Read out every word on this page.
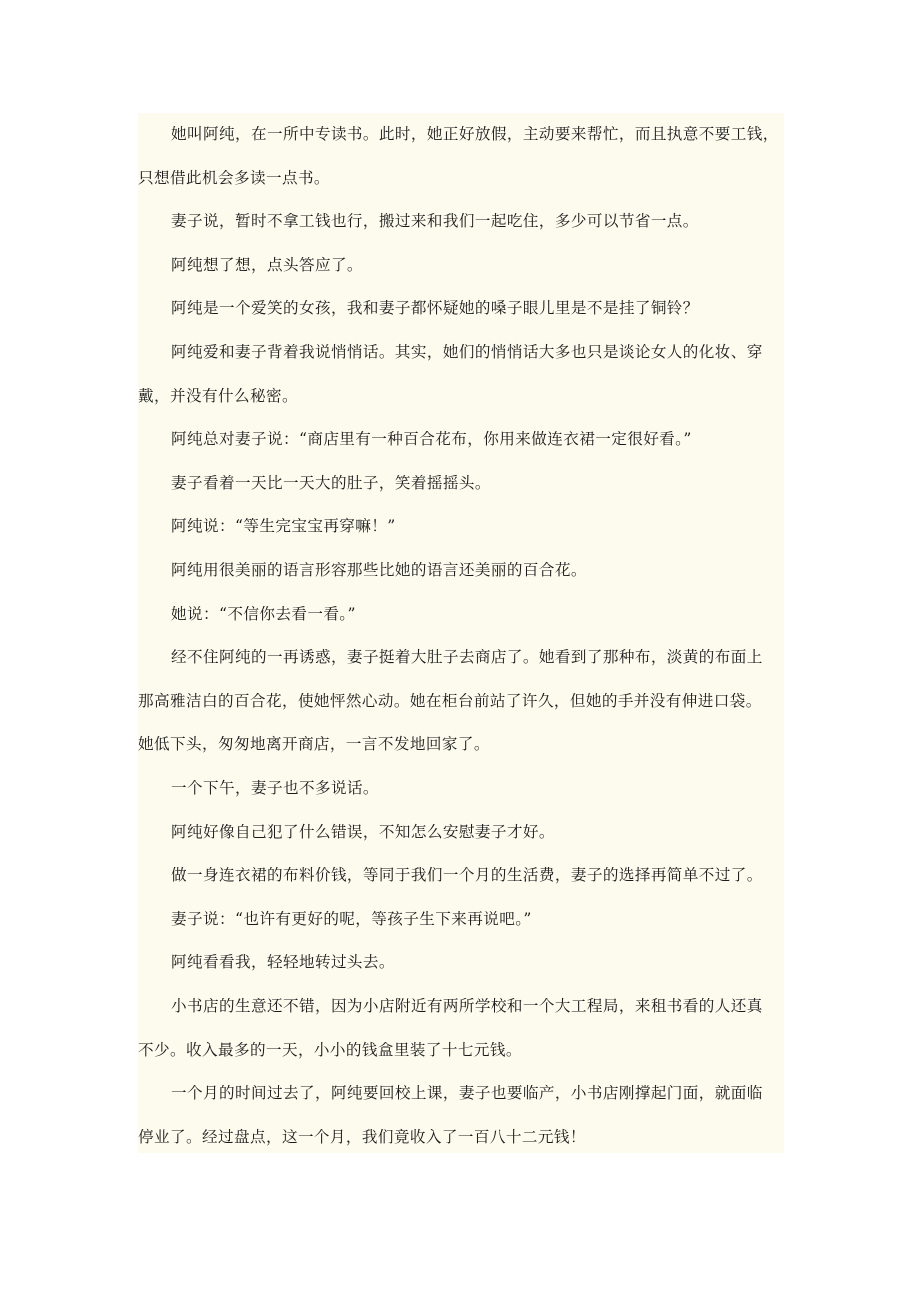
她叫阿纯，在一所中专读书。此时，她正好放假，主动要来帮忙，而且执意不要工钱，
只想借此机会多读一点书。

妻子说，暂时不拿工钱也行，搬过来和我们一起吃住，多少可以节省一点。

阿纯想了想，点头答应了。

阿纯是一个爱笑的女孩，我和妻子都怀疑她的嗓子眼儿里是不是挂了铜铃？

阿纯爱和妻子背着我说悄悄话。其实，她们的悄悄话大多也只是谈论女人的化妆、穿
戴，并没有什么秘密。

阿纯总对妻子说：“商店里有一种百合花布，你用来做连衣裙一定很好看。”

妻子看着一天比一天大的肚子，笑着摇摇头。

阿纯说：“等生完宝宝再穿嘛！”

阿纯用很美丽的语言形容那些比她的语言还美丽的百合花。

她说：“不信你去看一看。”

经不住阿纯的一再诱惑，妻子挺着大肚子去商店了。她看到了那种布，淡黄的布面上
那高雅洁白的百合花，使她怦然心动。她在柜台前站了许久，但她的手并没有伸进口袋。
她低下头，匆匆地离开商店，一言不发地回家了。

一个下午，妻子也不多说话。

阿纯好像自己犯了什么错误，不知怎么安慰妻子才好。

做一身连衣裙的布料价钱，等同于我们一个月的生活费，妻子的选择再简单不过了。

妻子说：“也许有更好的呢，等孩子生下来再说吧。”

阿纯看看我，轻轻地转过头去。

小书店的生意还不错，因为小店附近有两所学校和一个大工程局，来租书看的人还真
不少。收入最多的一天，小小的钱盒里装了十七元钱。

一个月的时间过去了，阿纯要回校上课，妻子也要临产，小书店刚撑起门面，就面临
停业了。经过盘点，这一个月，我们竟收入了一百八十二元钱！
